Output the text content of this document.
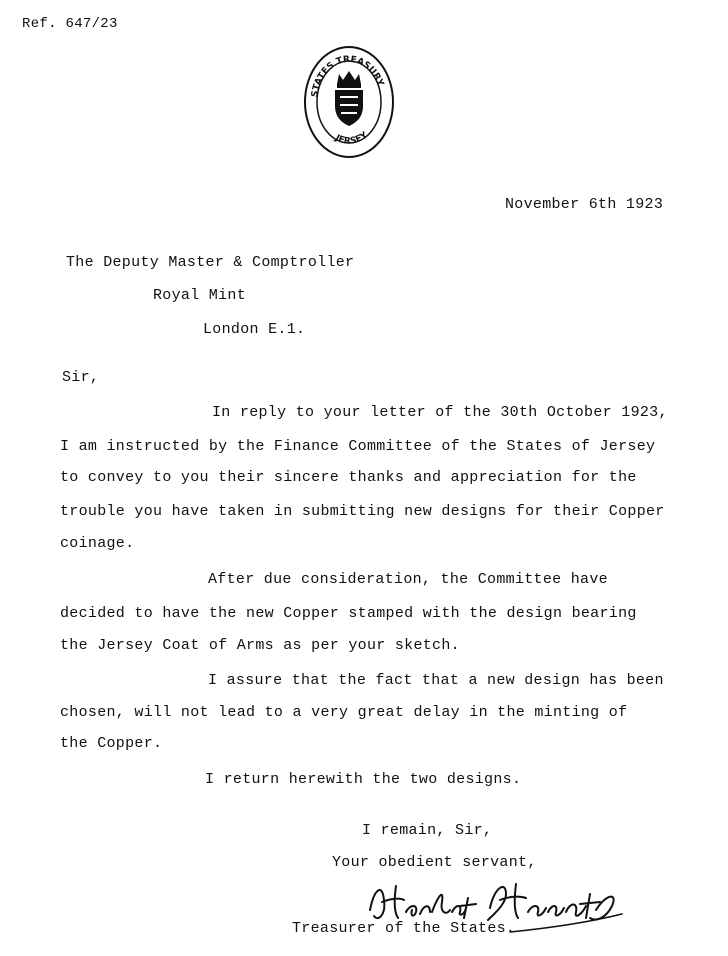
Ref. 647/23
STATES TREASURY
JERSEY
November 6th 1923
The Deputy Master & Comptroller
Royal Mint
London E.1.
Sir,
In reply to your letter of the 30th October 1923,
I am instructed by the Finance Committee of the States of Jersey
to convey to you their sincere thanks and appreciation for the
trouble you have taken in submitting new designs for their Copper
coinage.
After due consideration, the Committee have
decided to have the new Copper stamped with the design bearing
the Jersey Coat of Arms as per your sketch.
I assure that the fact that a new design has been
chosen, will not lead to a very great delay in the minting of
the Copper.
I return herewith the two designs.
I remain, Sir,
Your obedient servant,
Treasurer of the States.
